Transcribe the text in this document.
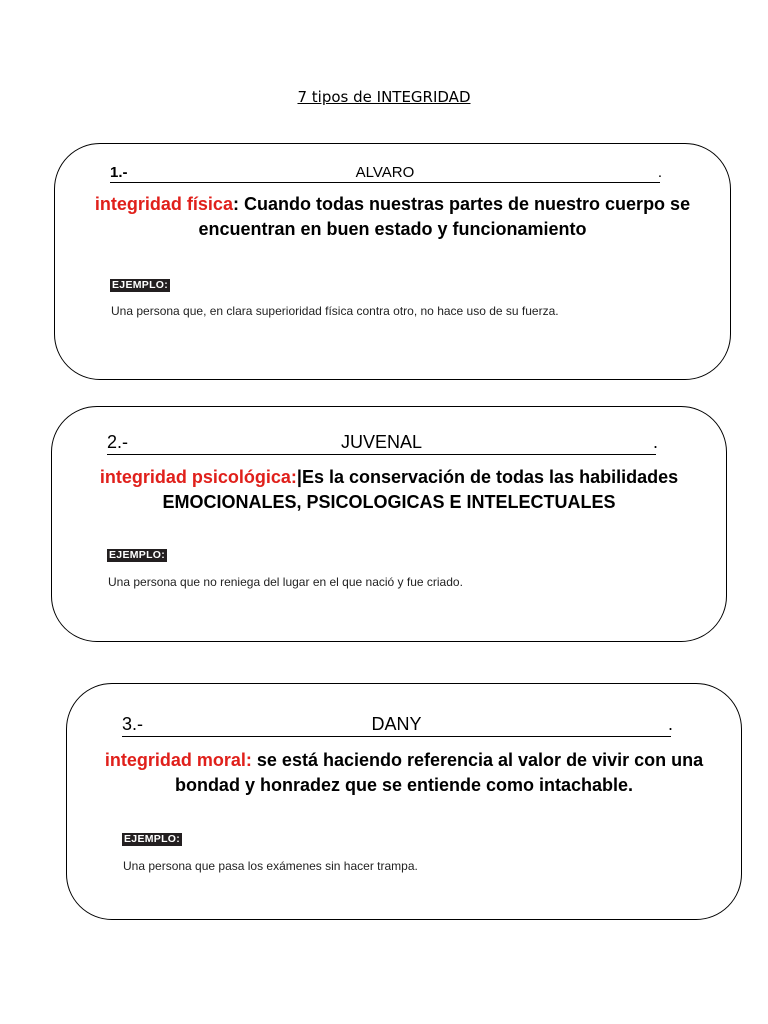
7 tipos de INTEGRIDAD
1.-	ALVARO	.
integridad física: Cuando todas nuestras partes de nuestro cuerpo se encuentran en buen estado y funcionamiento
EJEMPLO:
Una persona que, en clara superioridad física contra otro, no hace uso de su fuerza.
2.-	JUVENAL	.
integridad psicológica:|Es la conservación de todas las habilidades EMOCIONALES, PSICOLOGICAS E INTELECTUALES
EJEMPLO:
Una persona que no reniega del lugar en el que nació y fue criado.
3.-	DANY	.
integridad moral: se está haciendo referencia al valor de vivir con una bondad y honradez que se entiende como intachable.
EJEMPLO:
Una persona que pasa los exámenes sin hacer trampa.
